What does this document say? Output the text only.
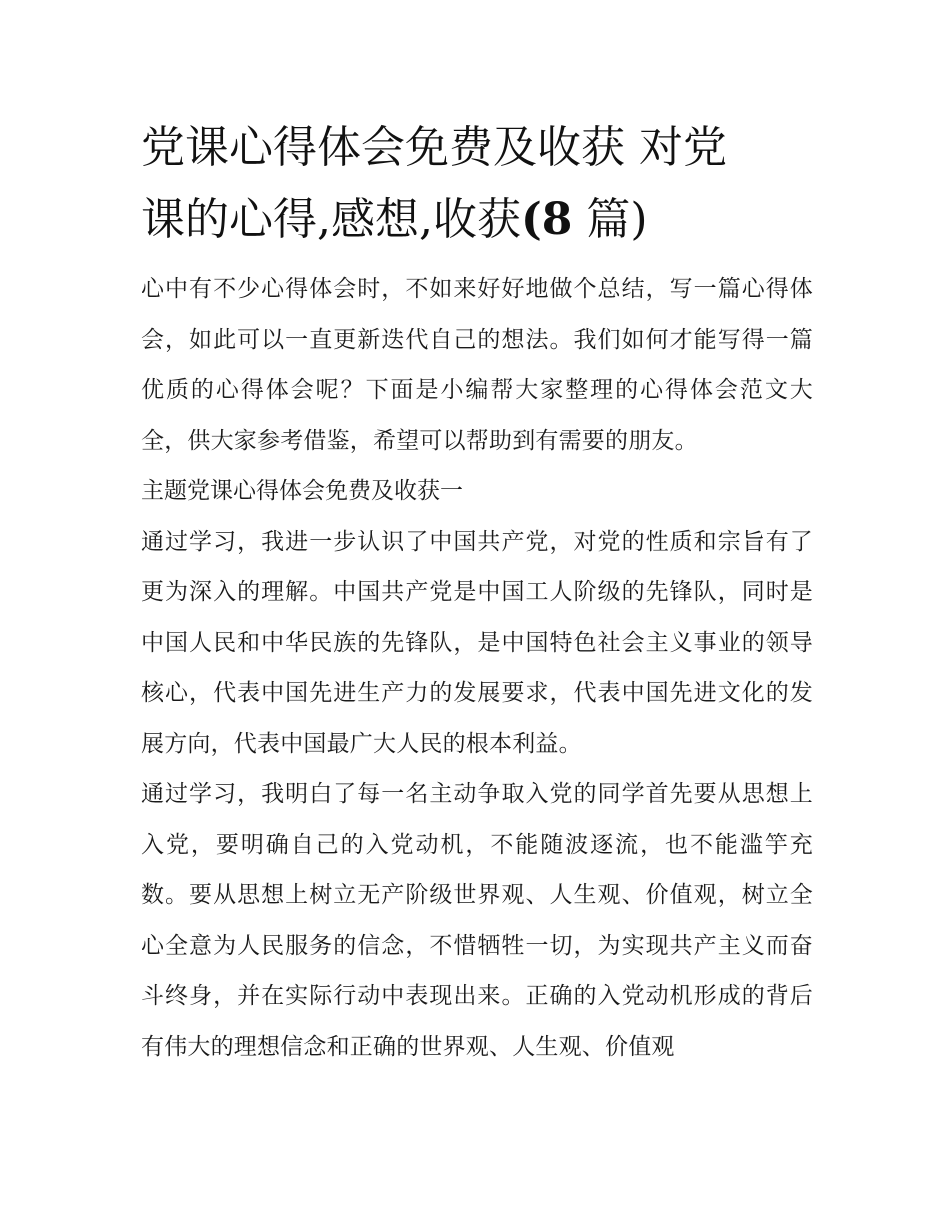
党课心得体会免费及收获 对党
课的心得,感想,收获(8 篇)

心中有不少心得体会时，不如来好好地做个总结，写一篇心得体会，如此可以一直更新迭代自己的想法。我们如何才能写得一篇优质的心得体会呢？下面是小编帮大家整理的心得体会范文大全，供大家参考借鉴，希望可以帮助到有需要的朋友。

主题党课心得体会免费及收获一

通过学习，我进一步认识了中国共产党，对党的性质和宗旨有了更为深入的理解。中国共产党是中国工人阶级的先锋队，同时是中国人民和中华民族的先锋队，是中国特色社会主义事业的领导核心，代表中国先进生产力的发展要求，代表中国先进文化的发展方向，代表中国最广大人民的根本利益。

通过学习，我明白了每一名主动争取入党的同学首先要从思想上入党，要明确自己的入党动机，不能随波逐流，也不能滥竽充数。要从思想上树立无产阶级世界观、人生观、价值观，树立全心全意为人民服务的信念，不惜牺牲一切，为实现共产主义而奋斗终身，并在实际行动中表现出来。正确的入党动机形成的背后有伟大的理想信念和正确的世界观、人生观、价值观
